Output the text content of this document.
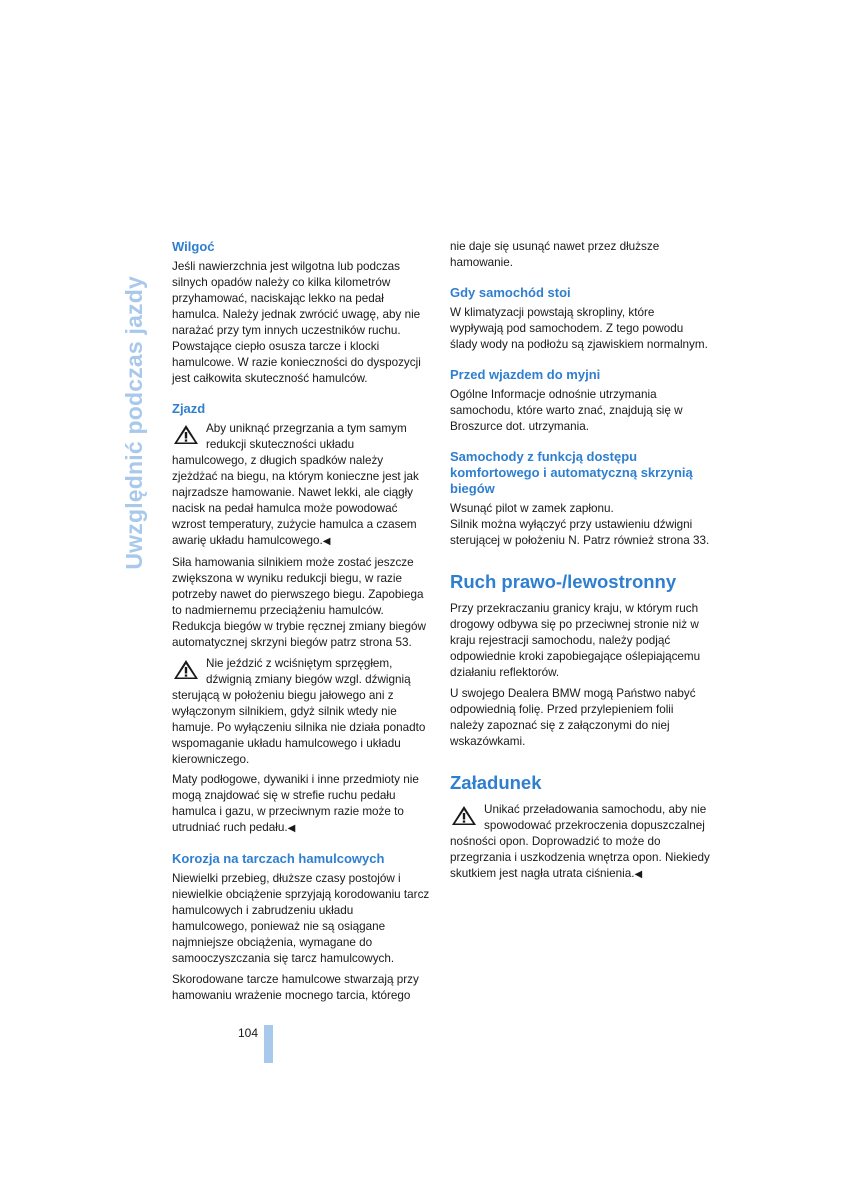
Uwzględnić podczas jazdy
Wilgoć

Jeśli nawierzchnia jest wilgotna lub podczas silnych opadów należy co kilka kilometrów przyhamować, naciskając lekko na pedał hamulca. Należy jednak zwrócić uwagę, aby nie narażać przy tym innych uczestników ruchu. Powstające ciepło osusza tarcze i klocki hamulcowe. W razie konieczności do dyspozycji jest całkowita skuteczność hamulców.

Zjazd

Aby uniknąć przegrzania a tym samym redukcji skuteczności układu hamulcowego, z długich spadków należy zjeżdżać na biegu, na którym konieczne jest jak najrzadsze hamowanie. Nawet lekki, ale ciągły nacisk na pedał hamulca może powodować wzrost temperatury, zużycie hamulca a czasem awarię układu hamulcowego.◀

Siła hamowania silnikiem może zostać jeszcze zwiększona w wyniku redukcji biegu, w razie potrzeby nawet do pierwszego biegu. Zapobiega to nadmiernemu przeciążeniu hamulców. Redukcja biegów w trybie ręcznej zmiany biegów automatycznej skrzyni biegów patrz strona 53.

Nie jeździć z wciśniętym sprzęgłem, dźwignią zmiany biegów wzgl. dźwignią sterującą w położeniu biegu jałowego ani z wyłączonym silnikiem, gdyż silnik wtedy nie hamuje. Po wyłączeniu silnika nie działa ponadto wspomaganie układu hamulcowego i układu kierowniczego.

Maty podłogowe, dywaniki i inne przedmioty nie mogą znajdować się w strefie ruchu pedału hamulca i gazu, w przeciwnym razie może to utrudniać ruch pedału.◀

Korozja na tarczach hamulcowych

Niewielki przebieg, dłuższe czasy postojów i niewielkie obciążenie sprzyjają korodowaniu tarcz hamulcowych i zabrudzeniu układu hamulcowego, ponieważ nie są osiągane najmniejsze obciążenia, wymagane do samooczyszczania się tarcz hamulcowych.

Skorodowane tarcze hamulcowe stwarzają przy hamowaniu wrażenie mocnego tarcia, którego

nie daje się usunąć nawet przez dłuższe hamowanie.

Gdy samochód stoi

W klimatyzacji powstają skropliny, które wypływają pod samochodem. Z tego powodu ślady wody na podłożu są zjawiskiem normalnym.

Przed wjazdem do myjni

Ogólne Informacje odnośnie utrzymania samochodu, które warto znać, znajdują się w Broszurce dot. utrzymania.

Samochody z funkcją dostępu komfortowego i automatyczną skrzynią biegów

Wsunąć pilot w zamek zapłonu.

Silnik można wyłączyć przy ustawieniu dźwigni sterującej w położeniu N. Patrz również strona 33.

Ruch prawo-/lewostronny

Przy przekraczaniu granicy kraju, w którym ruch drogowy odbywa się po przeciwnej stronie niż w kraju rejestracji samochodu, należy podjąć odpowiednie kroki zapobiegające oślepiającemu działaniu reflektorów.

U swojego Dealera BMW mogą Państwo nabyć odpowiednią folię. Przed przylepieniem folii należy zapoznać się z załączonymi do niej wskazówkami.

Załadunek

Unikać przeładowania samochodu, aby nie spowodować przekroczenia dopuszczalnej nośności opon. Doprowadzić to może do przegrzania i uszkodzenia wnętrza opon. Niekiedy skutkiem jest nagła utrata ciśnienia.◀

104
